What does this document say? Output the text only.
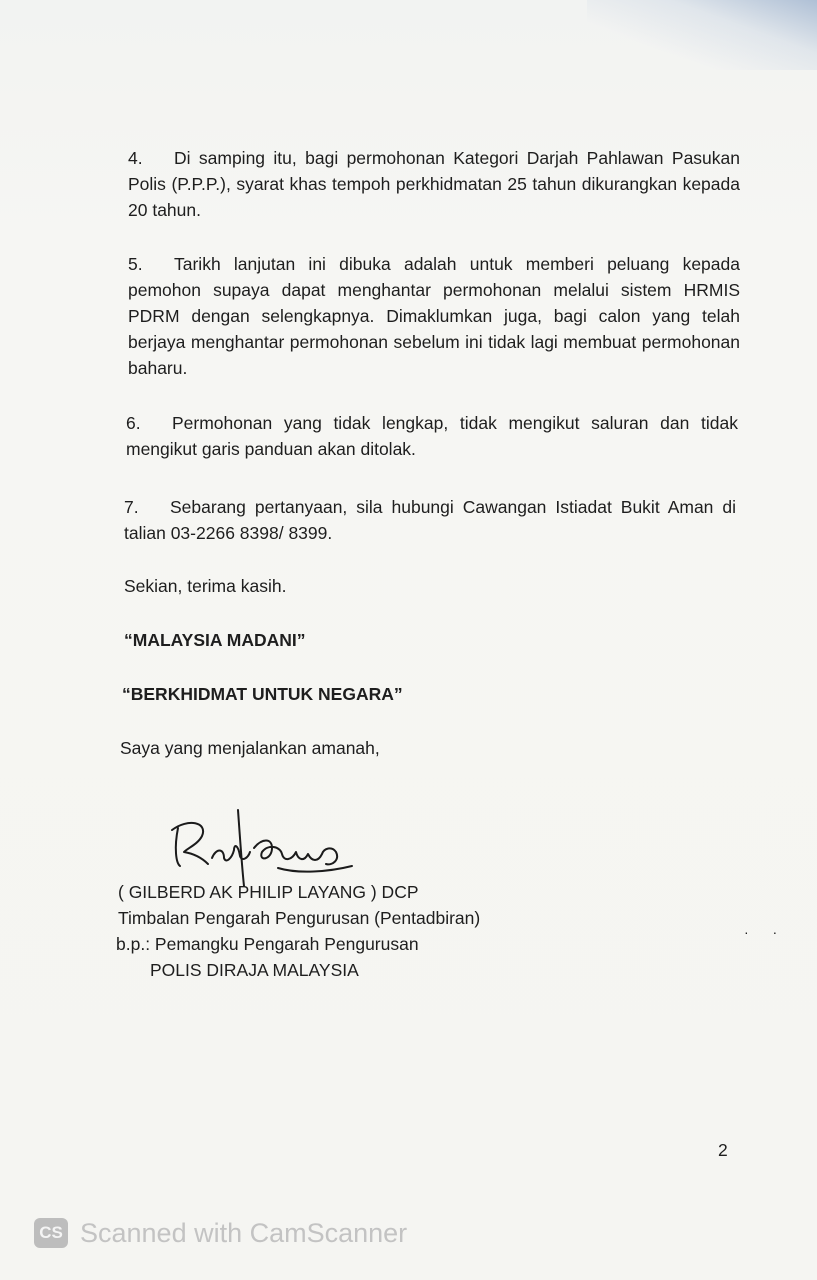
4. Di samping itu, bagi permohonan Kategori Darjah Pahlawan Pasukan Polis (P.P.P.), syarat khas tempoh perkhidmatan 25 tahun dikurangkan kepada 20 tahun.

5. Tarikh lanjutan ini dibuka adalah untuk memberi peluang kepada pemohon supaya dapat menghantar permohonan melalui sistem HRMIS PDRM dengan selengkapnya. Dimaklumkan juga, bagi calon yang telah berjaya menghantar permohonan sebelum ini tidak lagi membuat permohonan baharu.

6. Permohonan yang tidak lengkap, tidak mengikut saluran dan tidak mengikut garis panduan akan ditolak.

7. Sebarang pertanyaan, sila hubungi Cawangan Istiadat Bukit Aman di talian 03-2266 8398/ 8399.

Sekian, terima kasih.

“MALAYSIA MADANI”

“BERKHIDMAT UNTUK NEGARA”

Saya yang menjalankan amanah,

( GILBERD AK PHILIP LAYANG ) DCP

Timbalan Pengarah Pengurusan (Pentadbiran)

b.p.: Pemangku Pengarah Pengurusan

POLIS DIRAJA MALAYSIA

· ·
2
CS Scanned with CamScanner
